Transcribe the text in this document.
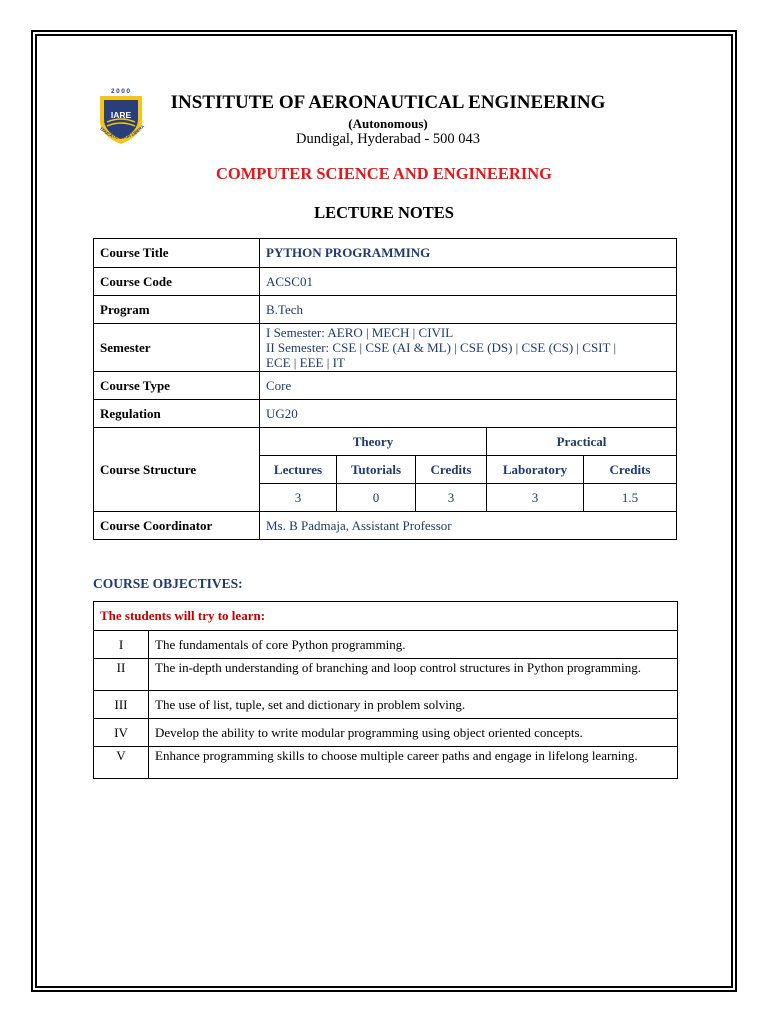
2000
IARE
EDUCATION FOR LIBERA
INSTITUTE OF AERONAUTICAL ENGINEERING
(Autonomous)
Dundigal, Hyderabad - 500 043
COMPUTER SCIENCE AND ENGINEERING
LECTURE NOTES
Course Title	PYTHON PROGRAMMING				
Course Code	ACSC01				
Program	B.Tech				
Semester	I Semester: AERO | MECH | CIVIL
II Semester: CSE | CSE (AI & ML) | CSE (DS) | CSE (CS) | CSIT |
ECE | EEE | IT				

Course Type	Core				
Regulation	UG20				
Course Structure	Theory			Practical	
	Lectures	Tutorials	Credits	Laboratory	Credits
	3	0	3	3	1.5
Course Coordinator	Ms. B Padmaja, Assistant Professor				
COURSE OBJECTIVES:
The students will try to learn:	
I	The fundamentals of core Python programming.
II	The in-depth understanding of branching and loop control structures in Python programming.
III	The use of list, tuple, set and dictionary in problem solving.
IV	Develop the ability to write modular programming using object oriented concepts.
V	Enhance programming skills to choose multiple career paths and engage in lifelong learning.
